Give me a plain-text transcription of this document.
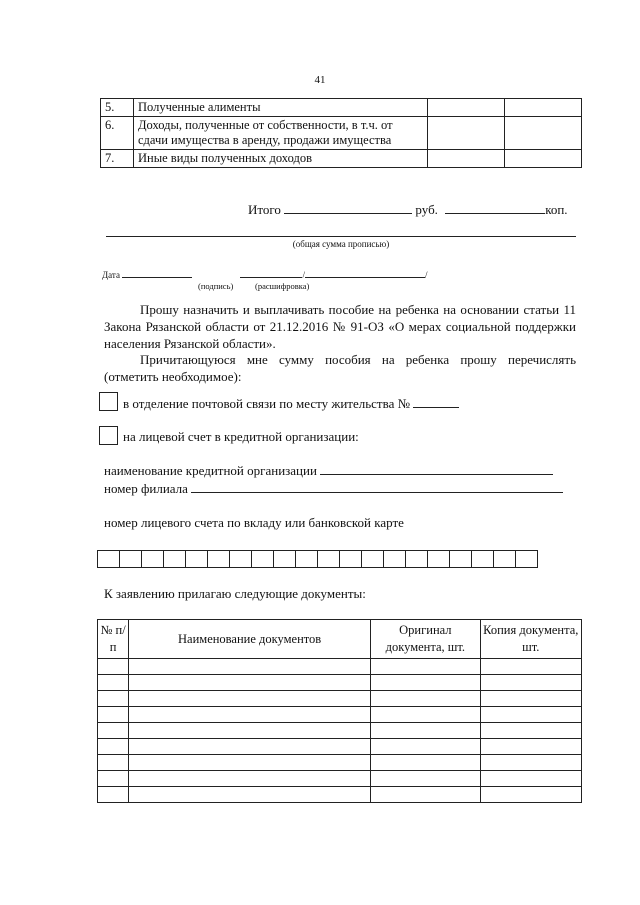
41
5.	Полученные алименты		
6.	Доходы, полученные от собственности, в т.ч. от сдачи имущества в аренду, продажи имущества		
7.	Иные виды полученных доходов		
Итого	руб.	коп.
(общая сумма прописью)
Дата	/	/
(подпись)	(расшифровка)
Прошу назначить и выплачивать пособие на ребенка на основании статьи 11 Закона Рязанской области от 21.12.2016 № 91-ОЗ «О мерах социальной поддержки населения Рязанской области».
Причитающуюся мне сумму пособия на ребенка прошу перечислять (отметить необходимое):
в отделение почтовой связи по месту жительства №
на лицевой счет в кредитной организации:
наименование кредитной организации
номер филиала
номер лицевого счета по вкладу или банковской карте
К заявлению прилагаю следующие документы:
№ п/п	Наименование документов	Оригинал документа, шт.	Копия документа, шт.
